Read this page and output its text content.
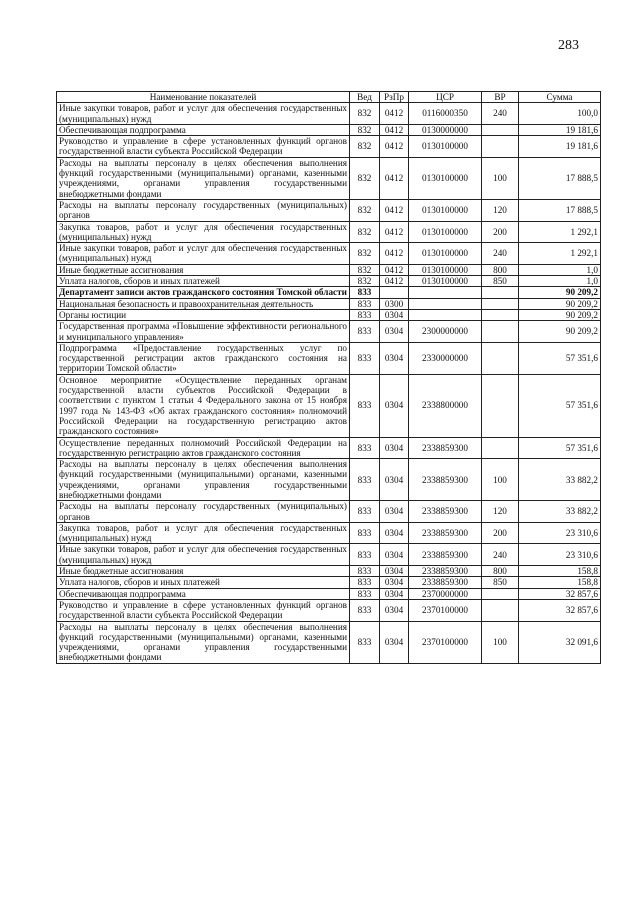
283
Наименование показателей	Вед	РзПр	ЦСР	ВР	Сумма
Иные закупки товаров, работ и услуг для обеспечения государственных (муниципальных) нужд	832	0412	0116000350	240	100,0
Обеспечивающая подпрограмма	832	0412	0130000000		19 181,6
Руководство и управление в сфере установленных функций органов государственной власти субъекта Российской Федерации	832	0412	0130100000		19 181,6
Расходы на выплаты персоналу в целях обеспечения выполнения функций государственными (муниципальными) органами, казенными учреждениями, органами управления государственными внебюджетными фондами	832	0412	0130100000	100	17 888,5
Расходы на выплаты персоналу государственных (муниципальных) органов	832	0412	0130100000	120	17 888,5
Закупка товаров, работ и услуг для обеспечения государственных (муниципальных) нужд	832	0412	0130100000	200	1 292,1
Иные закупки товаров, работ и услуг для обеспечения государственных (муниципальных) нужд	832	0412	0130100000	240	1 292,1
Иные бюджетные ассигнования	832	0412	0130100000	800	1,0
Уплата налогов, сборов и иных платежей	832	0412	0130100000	850	1,0
Департамент записи актов гражданского состояния Томской области	833				90 209,2
Национальная безопасность и правоохранительная деятельность	833	0300			90 209,2
Органы юстиции	833	0304			90 209,2
Государственная программа «Повышение эффективности регионального и муниципального управления»	833	0304	2300000000		90 209,2
Подпрограмма «Предоставление государственных услуг по государственной регистрации актов гражданского состояния на территории Томской области»	833	0304	2330000000		57 351,6
Основное мероприятие «Осуществление переданных органам государственной власти субъектов Российской Федерации в соответствии с пунктом 1 статьи 4 Федерального закона от 15 ноября 1997 года № 143-ФЗ «Об актах гражданского состояния» полномочий Российской Федерации на государственную регистрацию актов гражданского состояния»	833	0304	2338800000		57 351,6
Осуществление переданных полномочий Российской Федерации на государственную регистрацию актов гражданского состояния	833	0304	2338859300		57 351,6
Расходы на выплаты персоналу в целях обеспечения выполнения функций государственными (муниципальными) органами, казенными учреждениями, органами управления государственными внебюджетными фондами	833	0304	2338859300	100	33 882,2
Расходы на выплаты персоналу государственных (муниципальных) органов	833	0304	2338859300	120	33 882,2
Закупка товаров, работ и услуг для обеспечения государственных (муниципальных) нужд	833	0304	2338859300	200	23 310,6
Иные закупки товаров, работ и услуг для обеспечения государственных (муниципальных) нужд	833	0304	2338859300	240	23 310,6
Иные бюджетные ассигнования	833	0304	2338859300	800	158,8
Уплата налогов, сборов и иных платежей	833	0304	2338859300	850	158,8
Обеспечивающая подпрограмма	833	0304	2370000000		32 857,6
Руководство и управление в сфере установленных функций органов государственной власти субъекта Российской Федерации	833	0304	2370100000		32 857,6
Расходы на выплаты персоналу в целях обеспечения выполнения функций государственными (муниципальными) органами, казенными учреждениями, органами управления государственными внебюджетными фондами	833	0304	2370100000	100	32 091,6
